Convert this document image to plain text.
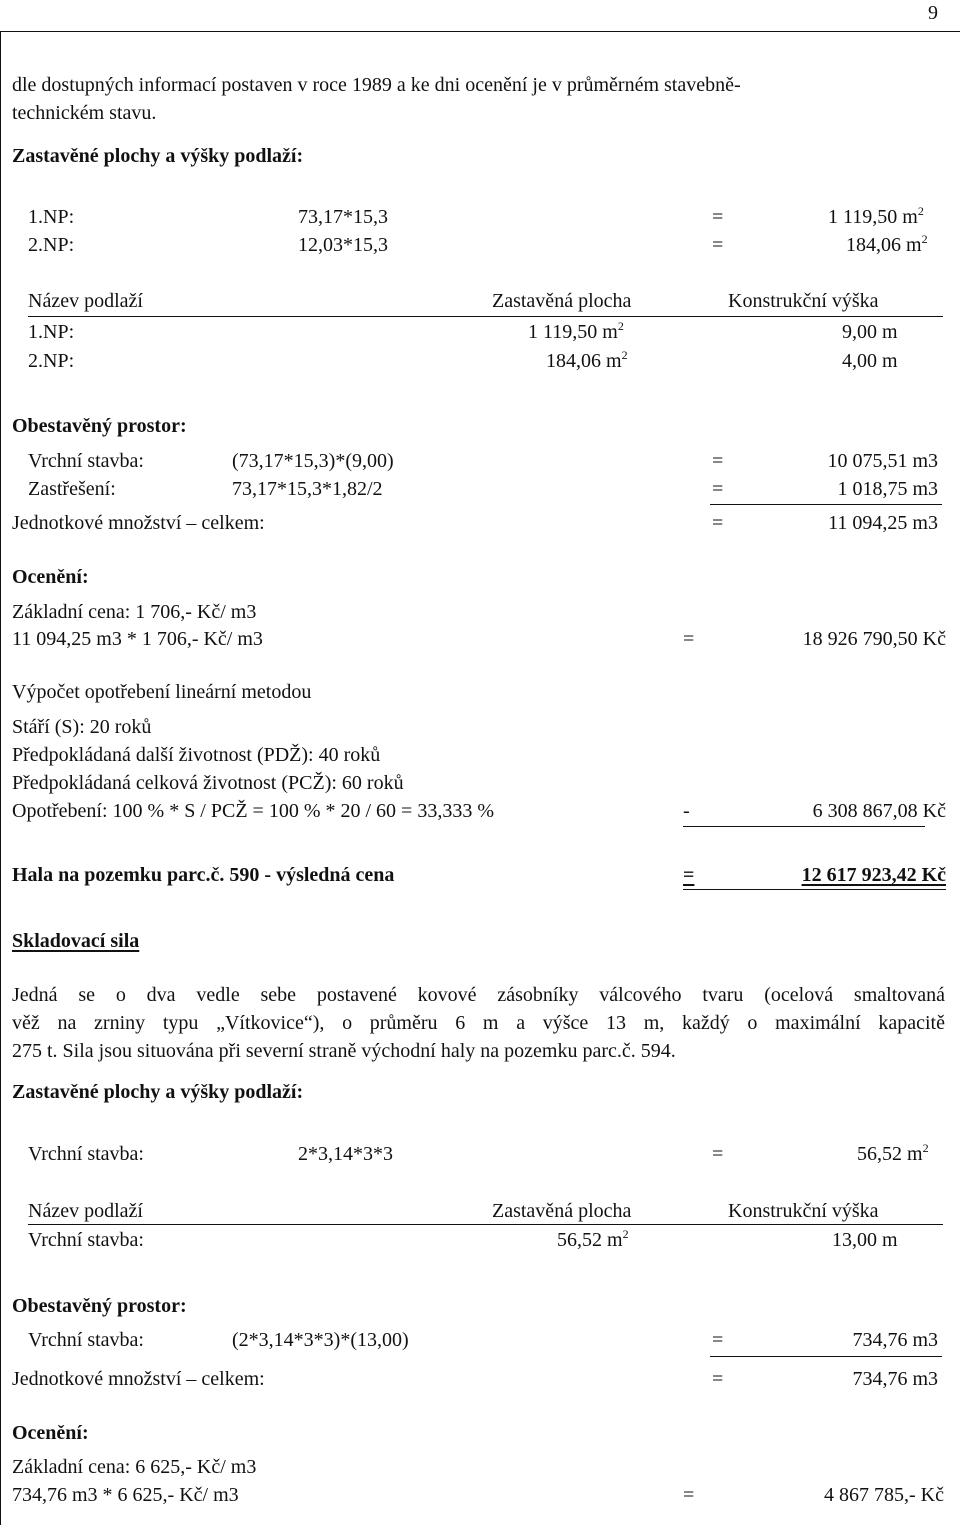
9
dle dostupných informací postaven v roce 1989 a ke dni ocenění je v průměrném stavebně-
technickém stavu.
Zastavěné plochy a výšky podlaží:
1.NP:	73,17*15,3	=	1 119,50 $m^2$
2.NP:	12,03*15,3	=	184,06 $m^2$
Název podlaží	Zastavěná plocha	Konstrukční výška
1.NP:	1 119,50 $m^2$	9,00 m
2.NP:	184,06 $m^2$	4,00 m
Obestavěný prostor:
Vrchní stavba:	(73,17*15,3)*(9,00)	=	10 075,51 m3
Zastřešení:	73,17*15,3*1,82/2	=	1 018,75 m3
Jednotkové množství – celkem:	=	11 094,25 m3
Ocenění:
Základní cena: 1 706,- Kč/ m3
11 094,25 m3 * 1 706,- Kč/ m3	=	18 926 790,50 Kč
Výpočet opotřebení lineární metodou
Stáří (S): 20 roků
Předpokládaná další životnost (PDŽ): 40 roků
Předpokládaná celková životnost (PCŽ): 60 roků
Opotřebení: 100 % * S / PCŽ = 100 % * 20 / 60 = 33,333 %	-	6 308 867,08 Kč
Hala na pozemku parc.č. 590 - výsledná cena	=	12 617 923,42 Kč
Skladovací sila
Jedná se o dva vedle sebe postavené kovové zásobníky válcového tvaru (ocelová smaltovaná
věž na zrniny typu „Vítkovice“), o průměru 6 m a výšce 13 m, každý o maximální kapacitě
275 t. Sila jsou situována při severní straně východní haly na pozemku parc.č. 594.
Zastavěné plochy a výšky podlaží:
Vrchní stavba:	2*3,14*3*3	=	56,52 $m^2$
Název podlaží	Zastavěná plocha	Konstrukční výška
Vrchní stavba:	56,52 $m^2$	13,00 m
Obestavěný prostor:
Vrchní stavba:	(2*3,14*3*3)*(13,00)	=	734,76 m3
Jednotkové množství – celkem:	=	734,76 m3
Ocenění:
Základní cena: 6 625,- Kč/ m3
734,76 m3 * 6 625,- Kč/ m3	=	4 867 785,- Kč
